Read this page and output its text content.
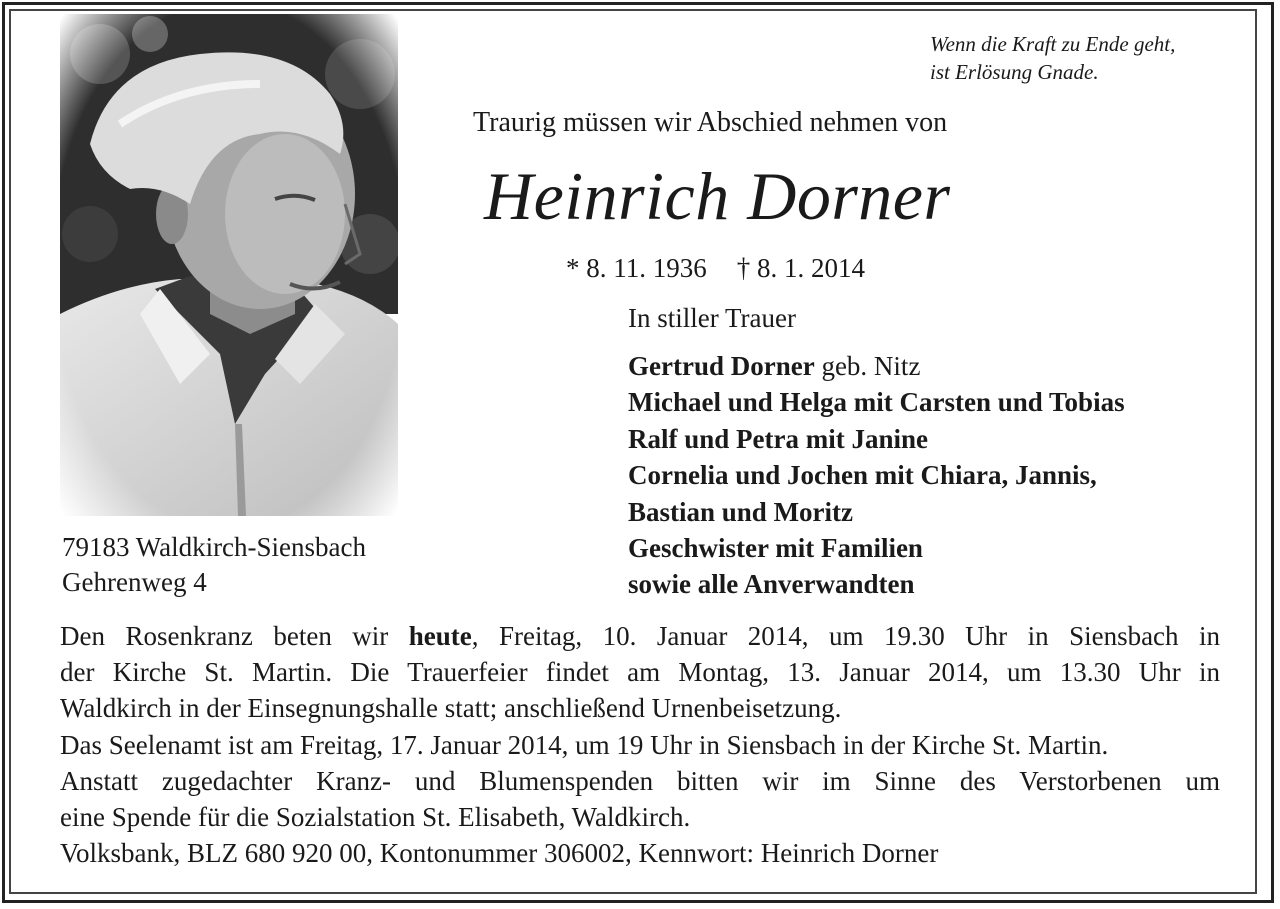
Wenn die Kraft zu Ende geht,
ist Erlösung Gnade.
Traurig müssen wir Abschied nehmen von
Heinrich Dorner
* 8. 11. 1936 † 8. 1. 2014
In stiller Trauer
Gertrud Dorner geb. Nitz
Michael und Helga mit Carsten und Tobias
Ralf und Petra mit Janine
Cornelia und Jochen mit Chiara, Jannis,
Bastian und Moritz
Geschwister mit Familien
sowie alle Anverwandten
79183 Waldkirch-Siensbach
Gehrenweg 4
Den Rosenkranz beten wir heute, Freitag, 10. Januar 2014, um 19.30 Uhr in Siensbach in
der Kirche St. Martin. Die Trauerfeier findet am Montag, 13. Januar 2014, um 13.30 Uhr in
Waldkirch in der Einsegnungshalle statt; anschließend Urnenbeisetzung.
Das Seelenamt ist am Freitag, 17. Januar 2014, um 19 Uhr in Siensbach in der Kirche St. Martin.
Anstatt zugedachter Kranz- und Blumenspenden bitten wir im Sinne des Verstorbenen um
eine Spende für die Sozialstation St. Elisabeth, Waldkirch.
Volksbank, BLZ 680 920 00, Kontonummer 306002, Kennwort: Heinrich Dorner
